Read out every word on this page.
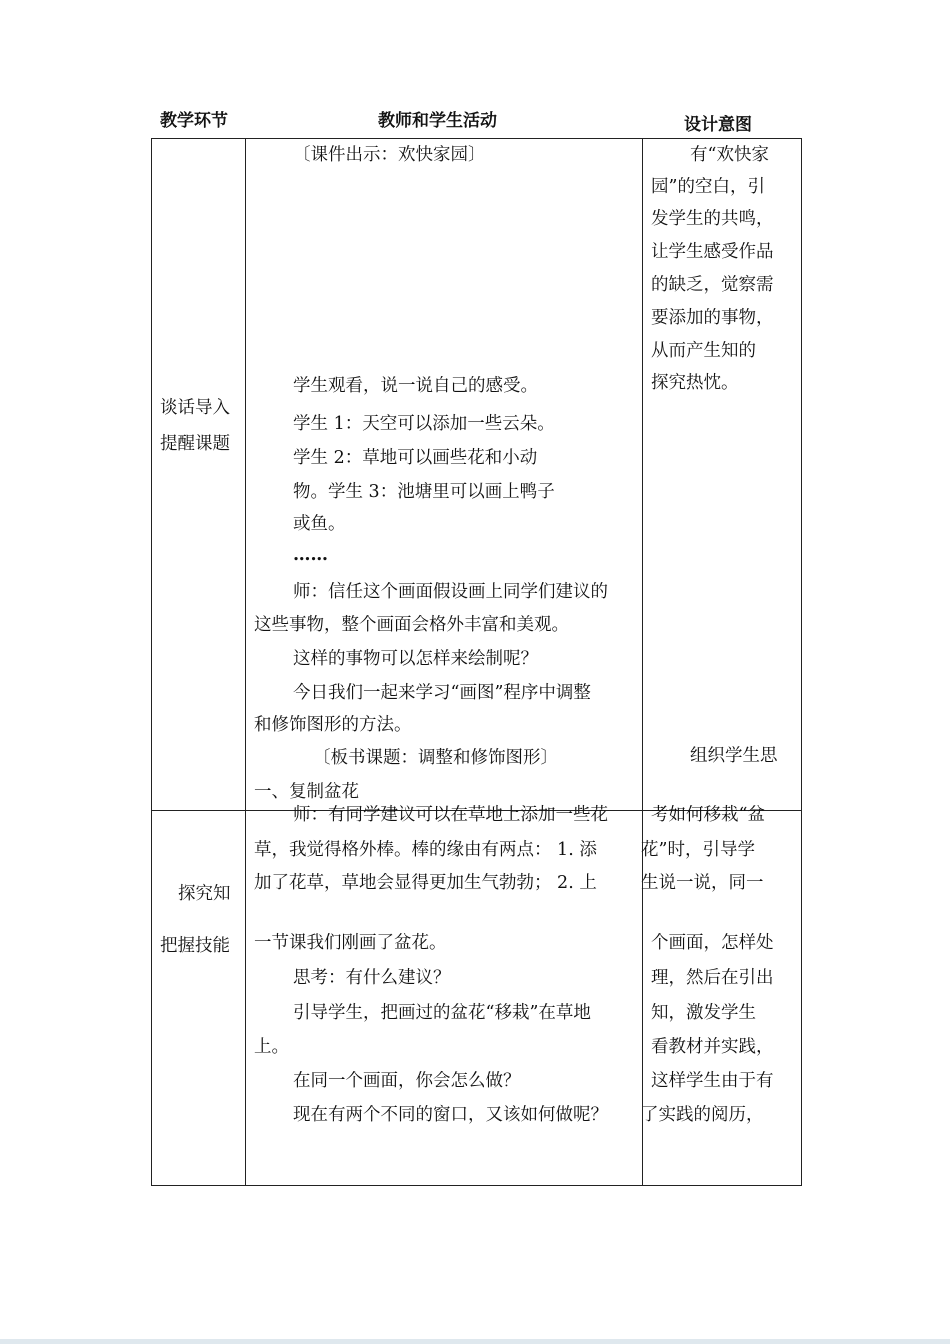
教学环节	教师和学生活动	设计意图
谈话导入
提醒课题
〔课件出示：欢快家园〕
学生观看，说一说自己的感受。
学生 1：天空可以添加一些云朵。
学生 2：草地可以画些花和小动
物。学生 3：池塘里可以画上鸭子
或鱼。
……
师：信任这个画面假设画上同学们建议的
这些事物，整个画面会格外丰富和美观。
这样的事物可以怎样来绘制呢？
今日我们一起来学习“画图”程序中调整
和修饰图形的方法。
〔板书课题：调整和修饰图形〕
一、复制盆花
有“欢快家
园”的空白，引
发学生的共鸣，
让学生感受作品
的缺乏，觉察需
要添加的事物，
从而产生知的
探究热忱。
组织学生思
探究知
把握技能
师：有同学建议可以在草地上添加一些花
草，我觉得格外棒。棒的缘由有两点： 1. 添
加了花草，草地会显得更加生气勃勃； 2. 上
一节课我们刚画了盆花。
思考：有什么建议？
引导学生，把画过的盆花“移栽”在草地
上。
在同一个画面，你会怎么做？
现在有两个不同的窗口，又该如何做呢？
考如何移栽“盆
花”时，引导学
生说一说，同一
个画面，怎样处
理，然后在引出
知，激发学生
看教材并实践，
这样学生由于有
了实践的阅历，
